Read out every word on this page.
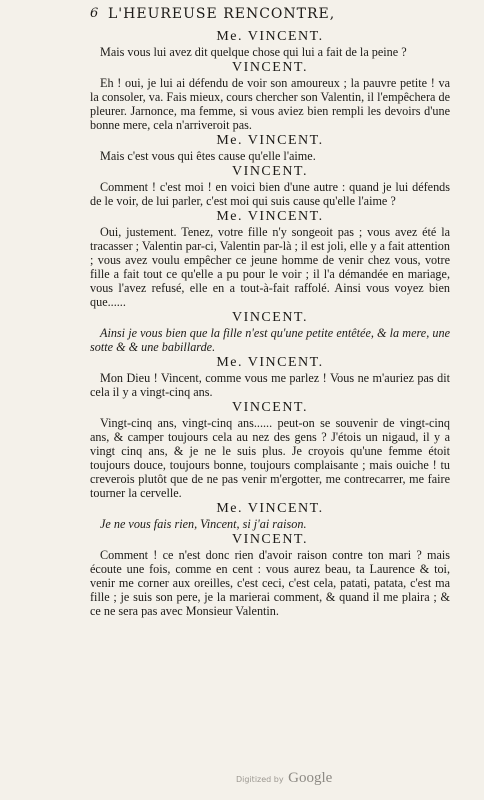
6 L'HEUREUSE RENCONTRE,
Me. VINCENT.

Mais vous lui avez dit quelque chose qui lui a fait de la peine ?

VINCENT.

Eh ! oui, je lui ai défendu de voir son amoureux ; la pauvre petite ! va la consoler, va. Fais mieux, cours chercher son Valentin, il l'empêchera de pleurer. Jarnonce, ma femme, si vous aviez bien rempli les devoirs d'une bonne mere, cela n'arriveroit pas.

Me. VINCENT.

Mais c'est vous qui êtes cause qu'elle l'aime.

VINCENT.

Comment ! c'est moi ! en voici bien d'une autre : quand je lui défends de le voir, de lui parler, c'est moi qui suis cause qu'elle l'aime ?

Me. VINCENT.

Oui, justement. Tenez, votre fille n'y songeoit pas ; vous avez été la tracasser ; Valentin par-ci, Valentin par-là ; il est joli, elle y a fait attention ; vous avez voulu empêcher ce jeune homme de venir chez vous, votre fille a fait tout ce qu'elle a pu pour le voir ; il l'a démandée en mariage, vous l'avez refusé, elle en a tout-à-fait raffolé. Ainsi vous voyez bien que......

VINCENT.

Ainsi je vous bien que la fille n'est qu'une petite entêtée, & la mere, une sotte & & une babillarde.

Me. VINCENT.

Mon Dieu ! Vincent, comme vous me parlez ! Vous ne m'auriez pas dit cela il y a vingt-cinq ans.

VINCENT.

Vingt-cinq ans, vingt-cinq ans...... peut-on se souvenir de vingt-cinq ans, & camper toujours cela au nez des gens ? J'étois un nigaud, il y a vingt cinq ans, & je ne le suis plus. Je croyois qu'une femme étoit toujours douce, toujours bonne, toujours complaisante ; mais ouiche ! tu creverois plutôt que de ne pas venir m'ergotter, me contrecarrer, me faire tourner la cervelle.

Me. VINCENT.

Je ne vous fais rien, Vincent, si j'ai raison.

VINCENT.

Comment ! ce n'est donc rien d'avoir raison contre ton mari ? mais écoute une fois, comme en cent : vous aurez beau, ta Laurence & toi, venir me corner aux oreilles, c'est ceci, c'est cela, patati, patata, c'est ma fille ; je suis son pere, je la marierai comment, & quand il me plaira ; & ce ne sera pas avec Monsieur Valentin.

Digitized by Google
